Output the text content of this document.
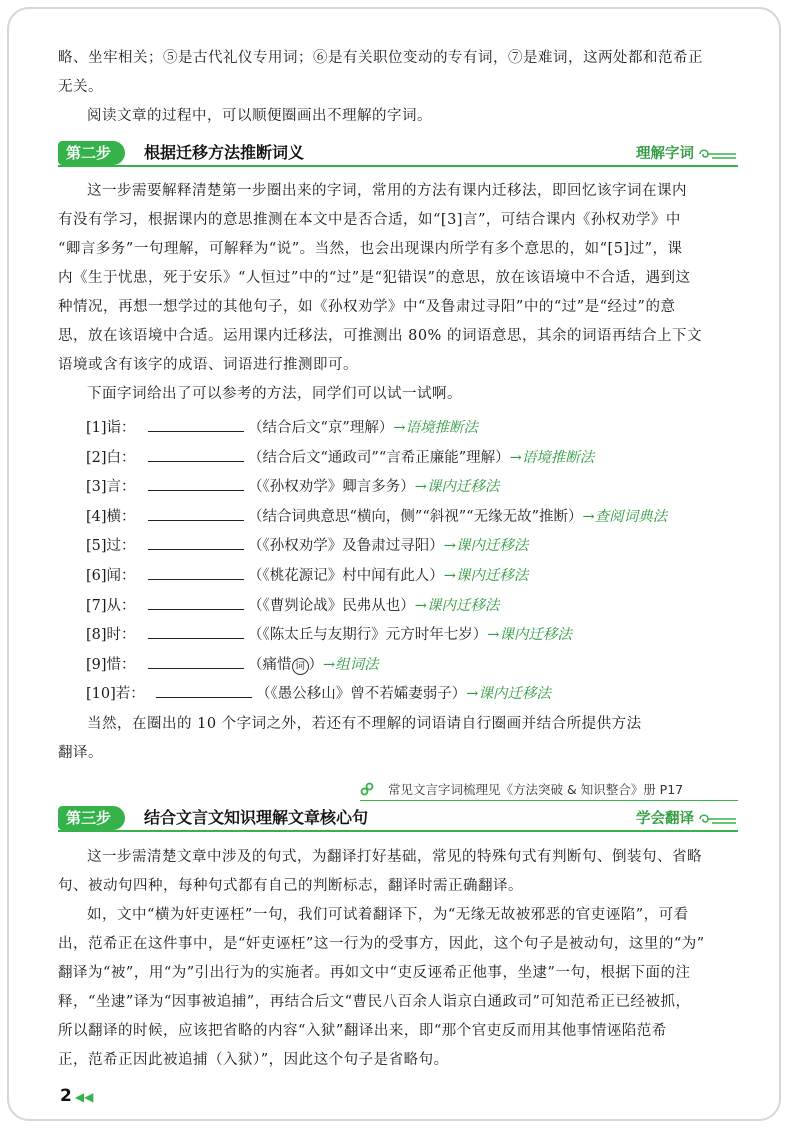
略、坐牢相关；⑤是古代礼仪专用词；⑥是有关职位变动的专有词，⑦是难词，这两处都和范希正

无关。

阅读文章的过程中，可以顺便圈画出不理解的字词。

第二步	根据迁移方法推断词义	理解字词

这一步需要解释清楚第一步圈出来的字词，常用的方法有课内迁移法，即回忆该字词在课内

有没有学习，根据课内的意思推测在本文中是否合适，如“[3]言”，可结合课内《孙权劝学》中

“卿言多务”一句理解，可解释为“说”。当然，也会出现课内所学有多个意思的，如“[5]过”，课

内《生于忧患，死于安乐》“人恒过”中的“过”是“犯错误”的意思，放在该语境中不合适，遇到这

种情况，再想一想学过的其他句子，如《孙权劝学》中“及鲁肃过寻阳”中的“过”是“经过”的意

思，放在该语境中合适。运用课内迁移法，可推测出 80% 的词语意思，其余的词语再结合上下文

语境或含有该字的成语、词语进行推测即可。

下面字词给出了可以参考的方法，同学们可以试一试啊。

[1]诣：	（结合后文“京”理解） →语境推断法
[2]白：	（结合后文“通政司”“言希正廉能”理解） →语境推断法
[3]言：	（《孙权劝学》卿言多务） →课内迁移法
[4]横：	（结合词典意思“横向，侧”“斜视”“无缘无故”推断） →查阅词典法
[5]过：	（《孙权劝学》及鲁肃过寻阳） →课内迁移法
[6]闻：	（《桃花源记》村中闻有此人） →课内迁移法
[7]从：	（《曹刿论战》民弗从也） →课内迁移法
[8]时：	（《陈太丘与友期行》元方时年七岁） →课内迁移法
[9]惜：	（痛惜 词 ） →组词法
[10]若：	（《愚公移山》曾不若孀妻弱子） →课内迁移法

当然，在圈出的 10 个字词之外，若还有不理解的词语请自行圈画并结合所提供方法

翻译。

常见文言字词梳理见《方法突破 & 知识整合》册 P17
第三步	结合文言文知识理解文章核心句	学会翻译

这一步需清楚文章中涉及的句式，为翻译打好基础，常见的特殊句式有判断句、倒装句、省略

句、被动句四种，每种句式都有自己的判断标志，翻译时需正确翻译。

如，文中“横为奸吏诬枉”一句，我们可试着翻译下，为“无缘无故被邪恶的官吏诬陷”，可看

出，范希正在这件事中，是“奸吏诬枉”这一行为的受事方，因此，这个句子是被动句，这里的“为”

翻译为“被”，用“为”引出行为的实施者。再如文中“吏反诬希正他事，坐逮”一句，根据下面的注

释，“坐逮”译为“因事被追捕”，再结合后文“曹民八百余人诣京白通政司”可知范希正已经被抓，

所以翻译的时候，应该把省略的内容“入狱”翻译出来，即“那个官吏反而用其他事情诬陷范希

正，范希正因此被追捕（入狱）”，因此这个句子是省略句。

2 ◀◀
